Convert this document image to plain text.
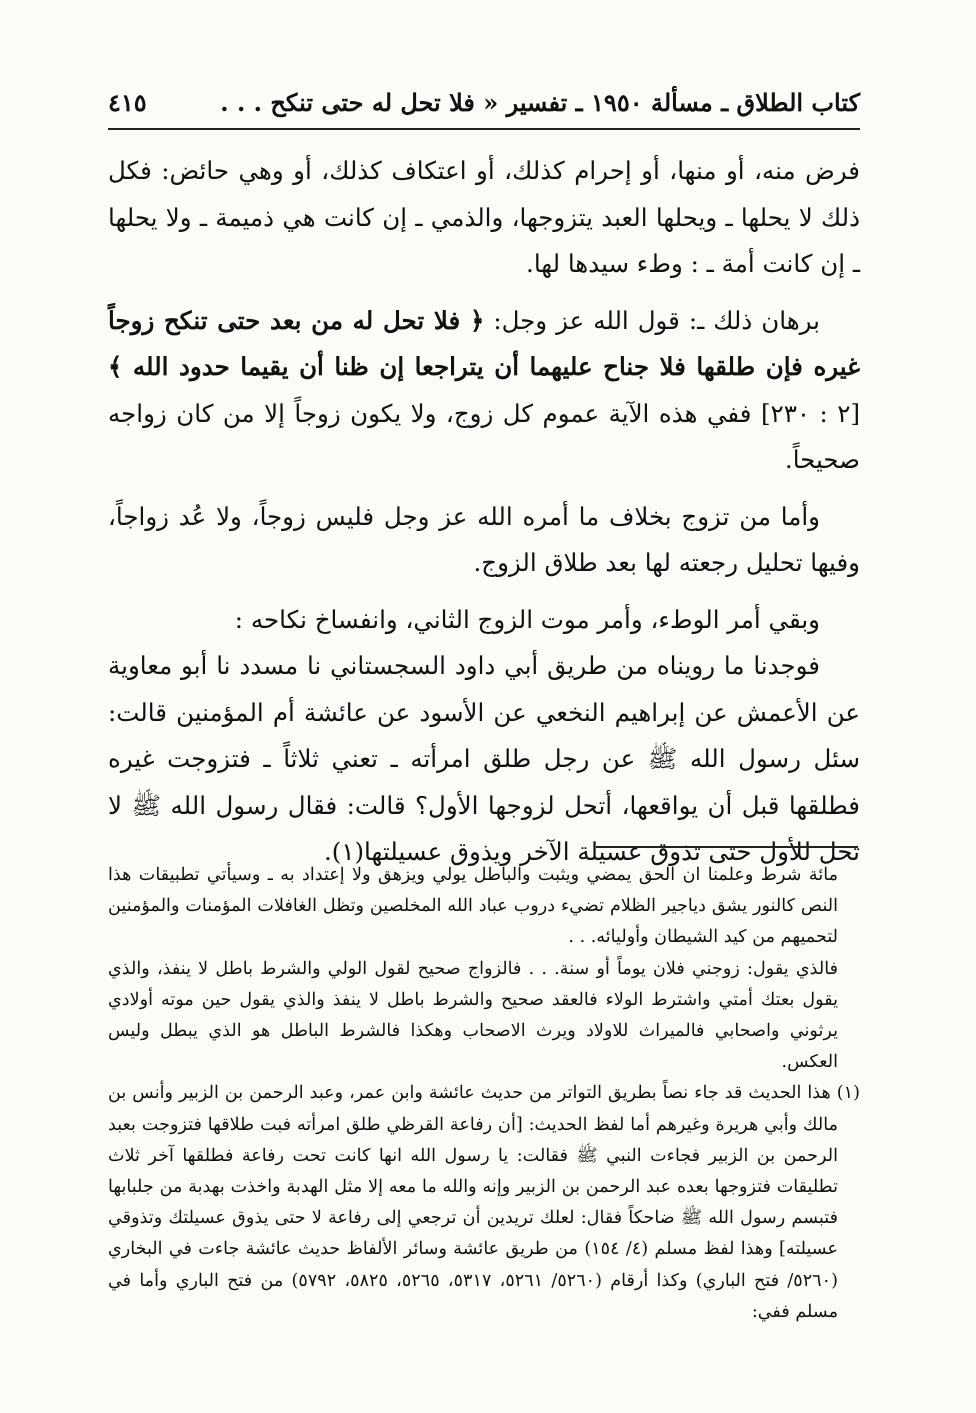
كتاب الطلاق ـ مسألة ١٩٥٠ ـ تفسير « فلا تحل له حتى تنكح . . .
٤١٥

فرض منه، أو منها، أو إحرام كذلك، أو اعتكاف كذلك، أو وهي حائض: فكل ذلك لا يحلها ـ ويحلها العبد يتزوجها، والذمي ـ إن كانت هي ذميمة ـ ولا يحلها ـ إن كانت أمة ـ : وطء سيدها لها.

برهان ذلك ـ: قول الله عز وجل: ﴿ فلا تحل له من بعد حتى تنكح زوجاً غيره فإن طلقها فلا جناح عليهما أن يتراجعا إن ظنا أن يقيما حدود الله ﴾ [٢ : ٢٣٠] ففي هذه الآية عموم كل زوج، ولا يكون زوجاً إلا من كان زواجه صحيحاً.

وأما من تزوج بخلاف ما أمره الله عز وجل فليس زوجاً، ولا عُد زواجاً، وفيها تحليل رجعته لها بعد طلاق الزوج.

وبقي أمر الوطء، وأمر موت الزوج الثاني، وانفساخ نكاحه :

فوجدنا ما رويناه من طريق أبي داود السجستاني نا مسدد نا أبو معاوية عن الأعمش عن إبراهيم النخعي عن الأسود عن عائشة أم المؤمنين قالت: سئل رسول الله ﷺ عن رجل طلق امرأته ـ تعني ثلاثاً ـ فتزوجت غيره فطلقها قبل أن يواقعها، أتحل لزوجها الأول؟ قالت: فقال رسول الله ﷺ لا تحل للأول حتى تذوق عسيلة الآخر ويذوق عسيلتها(١).

مائة شرط وعلمنا ان الحق يمضي ويثبت والباطل يولي ويزهق ولا إعتداد به ـ وسيأتي تطبيقات هذا النص كالنور يشق دياجير الظلام تضيء دروب عباد الله المخلصين وتظل الغافلات المؤمنات والمؤمنين لتحميهم من كيد الشيطان وأوليائه. . .

فالذي يقول: زوجني فلان يوماً أو سنة. . . فالزواج صحيح لقول الولي والشرط باطل لا ينفذ، والذي يقول بعتك أمتي واشترط الولاء فالعقد صحيح والشرط باطل لا ينفذ والذي يقول حين موته أولادي يرثوني واصحابي فالميراث للاولاد ويرث الاصحاب وهكذا فالشرط الباطل هو الذي يبطل وليس العكس.

(١) هذا الحديث قد جاء نصاً بطريق التواتر من حديث عائشة وابن عمر، وعبد الرحمن بن الزبير وأنس بن مالك وأبي هريرة وغيرهم أما لفظ الحديث: [أن رفاعة القرظي طلق امرأته فبت طلاقها فتزوجت بعبد الرحمن بن الزبير فجاءت النبي ﷺ فقالت: يا رسول الله انها كانت تحت رفاعة فطلقها آخر ثلاث تطليقات فتزوجها بعده عبد الرحمن بن الزبير وإنه والله ما معه إلا مثل الهدبة واخذت بهدبة من جلبابها فتبسم رسول الله ﷺ ضاحكاً فقال: لعلك تريدين أن ترجعي إلى رفاعة لا حتى يذوق عسيلتك وتذوقي عسيلته] وهذا لفظ مسلم (٤/ ١٥٤) من طريق عائشة وسائر الألفاظ حديث عائشة جاءت في البخاري (٥٢٦٠/ فتح الباري) وكذا أرقام (٥٢٦٠/ ٥٢٦١، ٥٣١٧، ٥٢٦٥، ٥٨٢٥، ٥٧٩٢) من فتح الباري وأما في مسلم ففي:
